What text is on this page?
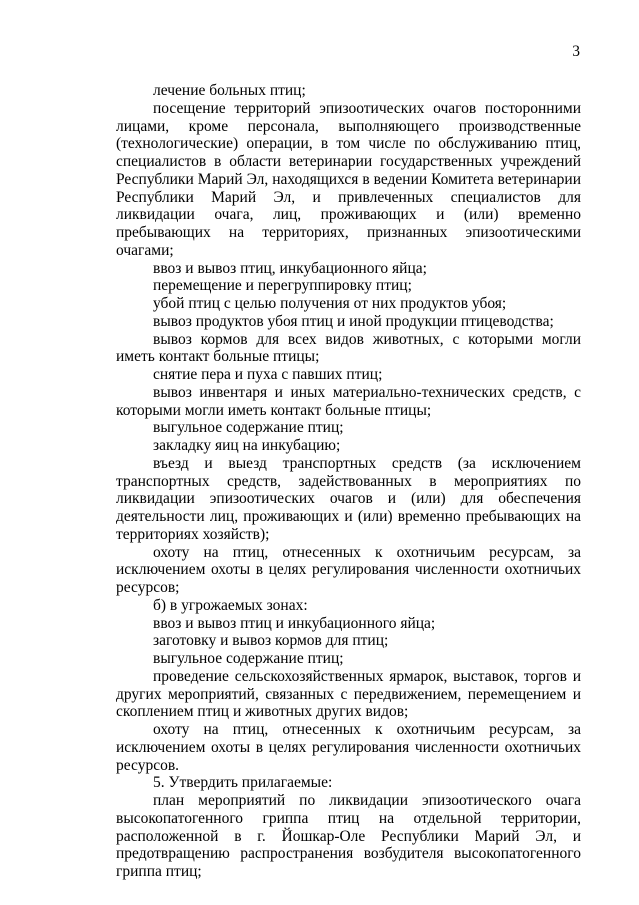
3

лечение больных птиц;

посещение территорий эпизоотических очагов посторонними лицами, кроме персонала, выполняющего производственные (технологические) операции, в том числе по обслуживанию птиц, специалистов в области ветеринарии государственных учреждений Республики Марий Эл, находящихся в ведении Комитета ветеринарии Республики Марий Эл, и привлеченных специалистов для ликвидации очага, лиц, проживающих и (или) временно пребывающих на территориях, признанных эпизоотическими очагами;

ввоз и вывоз птиц, инкубационного яйца;

перемещение и перегруппировку птиц;

убой птиц с целью получения от них продуктов убоя;

вывоз продуктов убоя птиц и иной продукции птицеводства;

вывоз кормов для всех видов животных, с которыми могли иметь контакт больные птицы;

снятие пера и пуха с павших птиц;

вывоз инвентаря и иных материально-технических средств, с которыми могли иметь контакт больные птицы;

выгульное содержание птиц;

закладку яиц на инкубацию;

въезд и выезд транспортных средств (за исключением транспортных средств, задействованных в мероприятиях по ликвидации эпизоотических очагов и (или) для обеспечения деятельности лиц, проживающих и (или) временно пребывающих на территориях хозяйств);

охоту на птиц, отнесенных к охотничьим ресурсам, за исключением охоты в целях регулирования численности охотничьих ресурсов;

б) в угрожаемых зонах:

ввоз и вывоз птиц и инкубационного яйца;

заготовку и вывоз кормов для птиц;

выгульное содержание птиц;

проведение сельскохозяйственных ярмарок, выставок, торгов и других мероприятий, связанных с передвижением, перемещением и скоплением птиц и животных других видов;

охоту на птиц, отнесенных к охотничьим ресурсам, за исключением охоты в целях регулирования численности охотничьих ресурсов.

5. Утвердить прилагаемые:

план мероприятий по ликвидации эпизоотического очага высокопатогенного гриппа птиц на отдельной территории, расположенной в г. Йошкар-Оле Республики Марий Эл, и предотвращению распространения возбудителя высокопатогенного гриппа птиц;
